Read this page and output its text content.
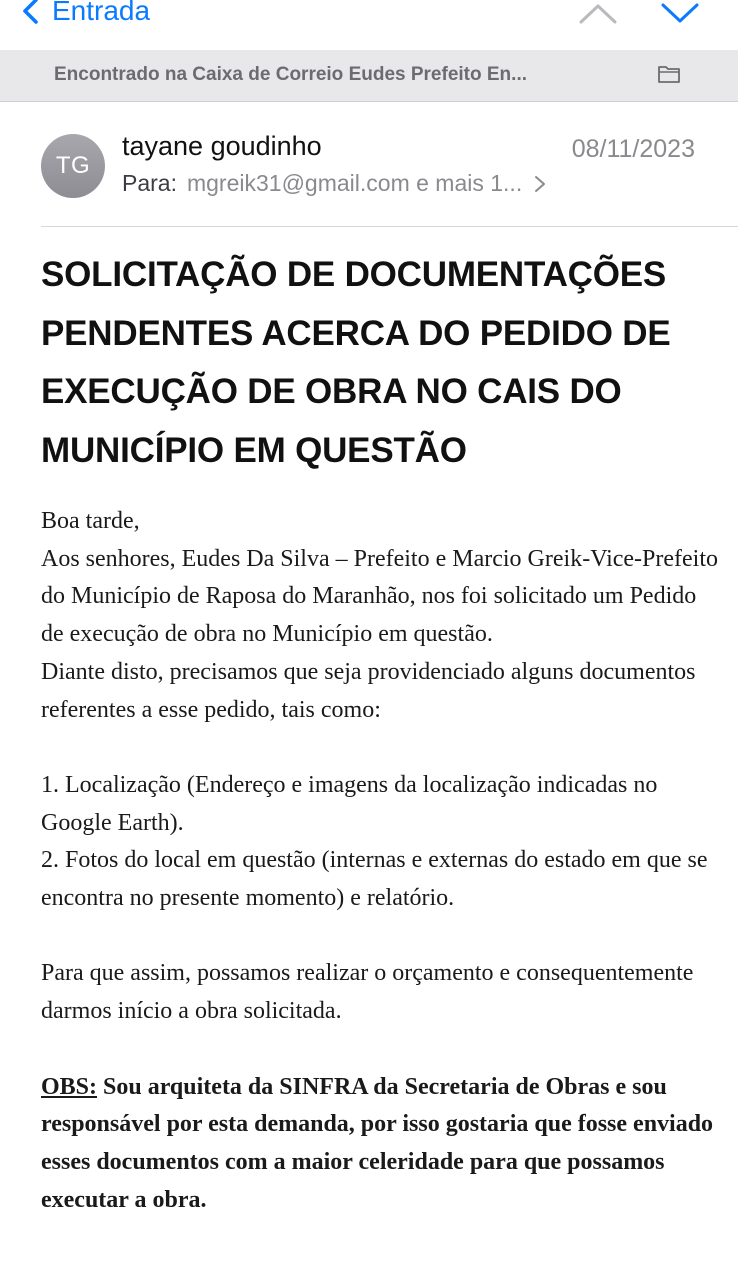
Entrada
Encontrado na Caixa de Correio Eudes Prefeito En...
TG
tayane goudinho	08/11/2023
Para: mgreik31@gmail.com e mais 1...
SOLICITAÇÃO DE DOCUMENTAÇÕES PENDENTES ACERCA DO PEDIDO DE EXECUÇÃO DE OBRA NO CAIS DO MUNICÍPIO EM QUESTÃO

Boa tarde,

Aos senhores, Eudes Da Silva – Prefeito e Marcio Greik-Vice-Prefeito do Município de Raposa do Maranhão, nos foi solicitado um Pedido de execução de obra no Município em questão.

Diante disto, precisamos que seja providenciado alguns documentos referentes a esse pedido, tais como:

1. Localização (Endereço e imagens da localização indicadas no Google Earth).

2. Fotos do local em questão (internas e externas do estado em que se encontra no presente momento) e relatório.

Para que assim, possamos realizar o orçamento e consequentemente darmos início a obra solicitada.

OBS: Sou arquiteta da SINFRA da Secretaria de Obras e sou responsável por esta demanda, por isso gostaria que fosse enviado esses documentos com a maior celeridade para que possamos executar a obra.
